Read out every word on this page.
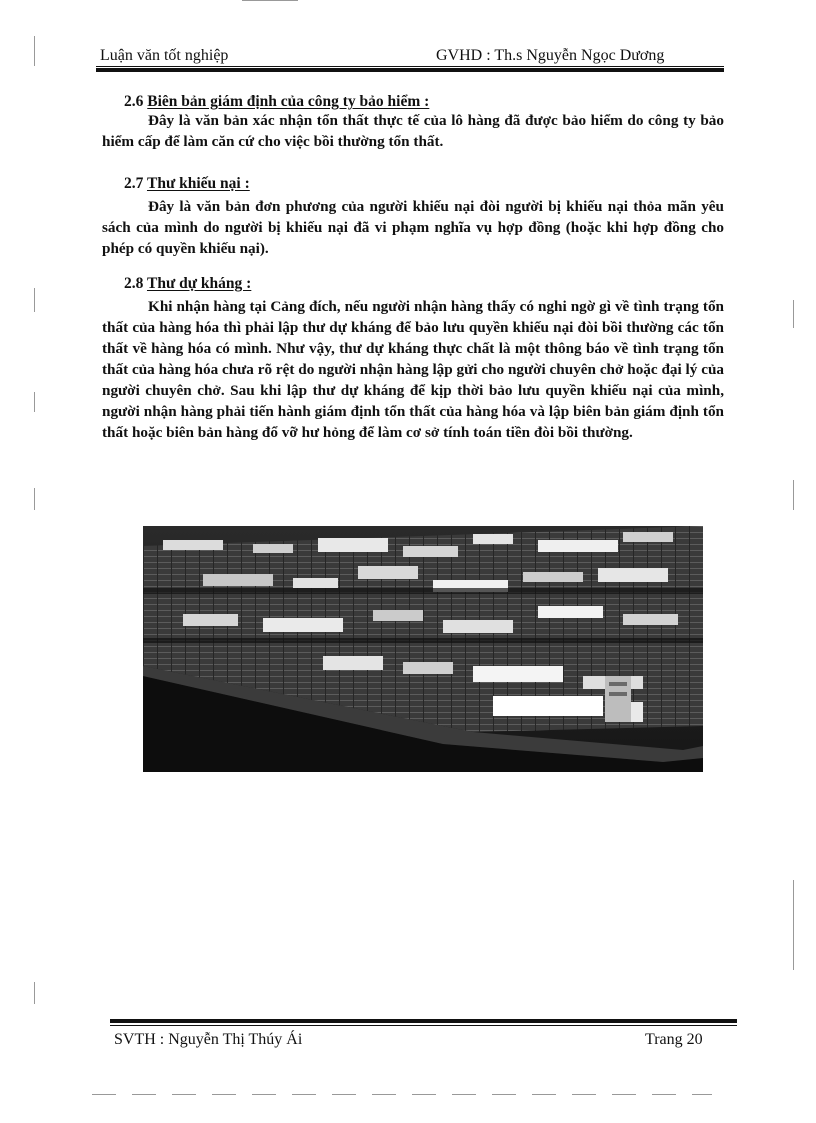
Luận văn tốt nghiệp	GVHD : Th.s Nguyễn Ngọc Dương
2.6 Biên bản giám định của công ty bảo hiểm :
Đây là văn bản xác nhận tổn thất thực tế của lô hàng đã được bảo hiểm do công ty bảo hiểm cấp để làm căn cứ cho việc bồi thường tổn thất.
2.7 Thư khiếu nại :
Đây là văn bản đơn phương của người khiếu nại đòi người bị khiếu nại thỏa mãn yêu sách của mình do người bị khiếu nại đã vi phạm nghĩa vụ hợp đồng (hoặc khi hợp đồng cho phép có quyền khiếu nại).
2.8 Thư dự kháng :
Khi nhận hàng tại Cảng đích, nếu người nhận hàng thấy có nghi ngờ gì về tình trạng tổn thất của hàng hóa thì phải lập thư dự kháng để bảo lưu quyền khiếu nại đòi bồi thường các tổn thất về hàng hóa có mình. Như vậy, thư dự kháng thực chất là một thông báo về tình trạng tổn thất của hàng hóa chưa rõ rệt do người nhận hàng lập gửi cho người chuyên chở hoặc đại lý của người chuyên chở. Sau khi lập thư dự kháng để kịp thời bảo lưu quyền khiếu nại của mình, người nhận hàng phải tiến hành giám định tổn thất của hàng hóa và lập biên bản giám định tổn thất hoặc biên bản hàng đổ vỡ hư hỏng để làm cơ sở tính toán tiền đòi bồi thường.
SVTH : Nguyễn Thị Thúy Ái	Trang 20
